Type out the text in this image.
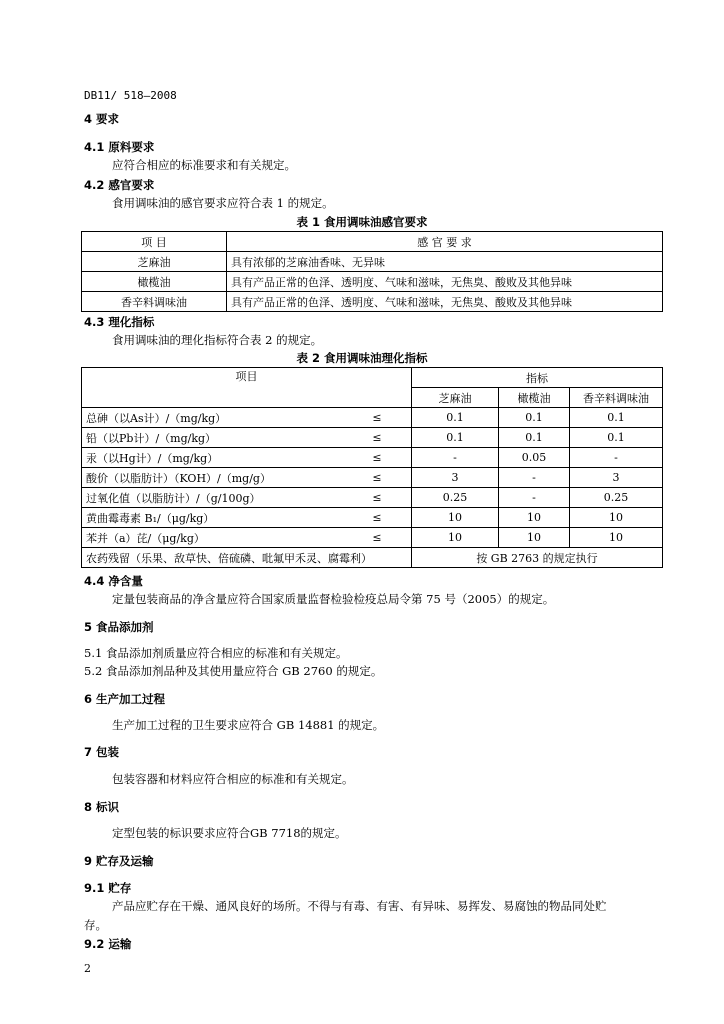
DB11/ 518—2008
4 要求
4.1 原料要求
应符合相应的标准要求和有关规定。
4.2 感官要求
食用调味油的感官要求应符合表 1 的规定。
表 1 食用调味油感官要求
项 目	感 官 要 求
芝麻油	具有浓郁的芝麻油香味、无异味
橄榄油	具有产品正常的色泽、透明度、气味和滋味，无焦臭、酸败及其他异味
香辛料调味油	具有产品正常的色泽、透明度、气味和滋味，无焦臭、酸败及其他异味
4.3 理化指标
食用调味油的理化指标符合表 2 的规定。
表 2 食用调味油理化指标
项目		指标		
		芝麻油	橄榄油	香辛料调味油
总砷（以As计）/（mg/kg）	≤	0.1	0.1	0.1
铅（以Pb计）/（mg/kg）	≤	0.1	0.1	0.1
汞（以Hg计）/（mg/kg）	≤	-	0.05	-
酸价（以脂肪计）（KOH）/（mg/g）	≤	3	-	3
过氧化值（以脂肪计）/（g/100g）	≤	0.25	-	0.25
黄曲霉毒素 B₁/（μg/kg）	≤	10	10	10
苯并（a）芘/（μg/kg）	≤	10	10	10
农药残留（乐果、敌草快、倍硫磷、吡氟甲禾灵、腐霉利）		按 GB 2763 的规定执行		
4.4 净含量
定量包装商品的净含量应符合国家质量监督检验检疫总局令第 75 号（2005）的规定。
5 食品添加剂
5.1 食品添加剂质量应符合相应的标准和有关规定。
5.2 食品添加剂品种及其使用量应符合 GB 2760 的规定。
6 生产加工过程
生产加工过程的卫生要求应符合 GB 14881 的规定。
7 包装
包装容器和材料应符合相应的标准和有关规定。
8 标识
定型包装的标识要求应符合GB 7718的规定。
9 贮存及运输
9.1 贮存
产品应贮存在干燥、通风良好的场所。不得与有毒、有害、有异味、易挥发、易腐蚀的物品同处贮
存。
9.2 运输
2
